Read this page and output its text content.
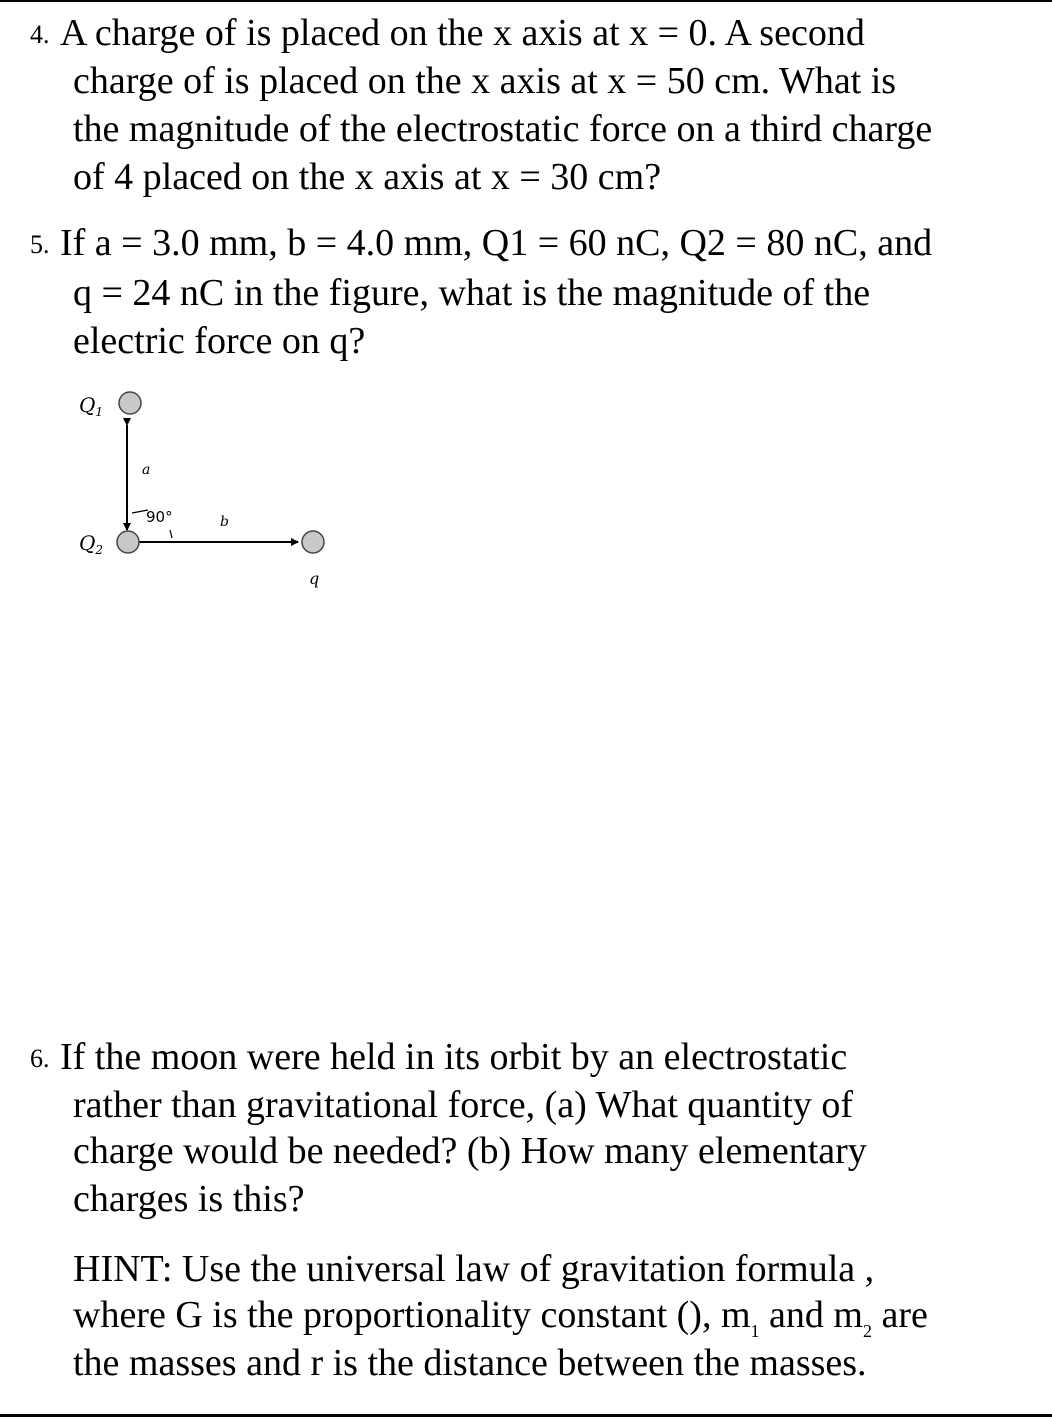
4. A charge of is placed on the x axis at x = 0. A second
charge of is placed on the x axis at x = 50 cm. What is
the magnitude of the electrostatic force on a third charge
of 4 placed on the x axis at x = 30 cm?
5. If a = 3.0 mm, b = 4.0 mm, Q1 = 60 nC, Q2 = 80 nC, and
q = 24 nC in the figure, what is the magnitude of the
electric force on q?
$Q_1$
$Q_2$
a
b
90°
q
6. If the moon were held in its orbit by an electrostatic
rather than gravitational force, (a) What quantity of
charge would be needed? (b) How many elementary
charges is this?
HINT: Use the universal law of gravitation formula ,
where G is the proportionality constant (), $m_1$ and $m_2$ are
the masses and r is the distance between the masses.
